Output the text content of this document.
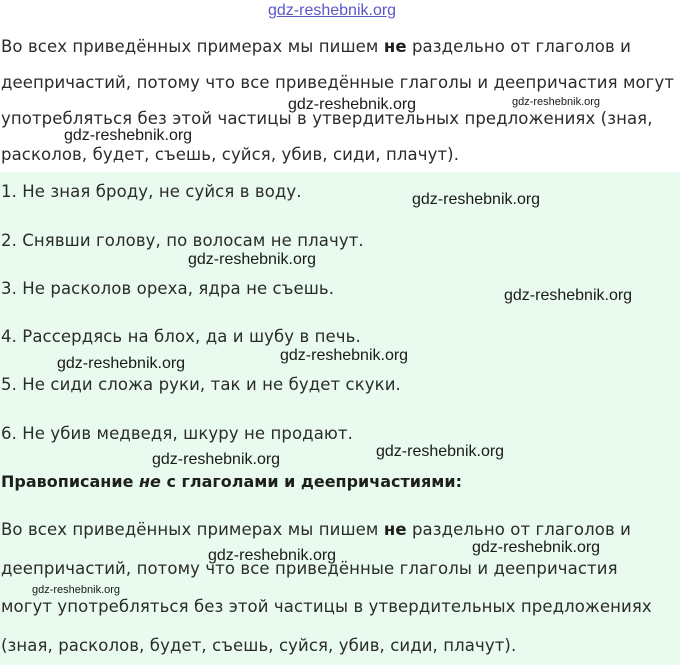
gdz-reshebnik.org
Во всех приведённых примерах мы пишем не раздельно от глаголов и
деепричастий, потому что все приведённые глаголы и деепричастия могут
употребляться без этой частицы в утвердительных предложениях (зная,
расколов, будет, съешь, суйся, убив, сиди, плачут).
1. Не зная броду, не суйся в воду.
2. Снявши голову, по волосам не плачут.
3. Не расколов ореха, ядра не съешь.
4. Рассердясь на блох, да и шубу в печь.
5. Не сиди сложа руки, так и не будет скуки.
6. Не убив медведя, шкуру не продают.
Правописание не с глаголами и деепричастиями:
Во всех приведённых примерах мы пишем не раздельно от глаголов и
деепричастий, потому что все приведённые глаголы и деепричастия
могут употребляться без этой частицы в утвердительных предложениях
(зная, расколов, будет, съешь, суйся, убив, сиди, плачут).
gdz-reshebnik.org	gdz-reshebnik.org
gdz-reshebnik.org
gdz-reshebnik.org
gdz-reshebnik.org
gdz-reshebnik.org
gdz-reshebnik.org
gdz-reshebnik.org
gdz-reshebnik.org
gdz-reshebnik.org
gdz-reshebnik.org
gdz-reshebnik.org
gdz-reshebnik.org
